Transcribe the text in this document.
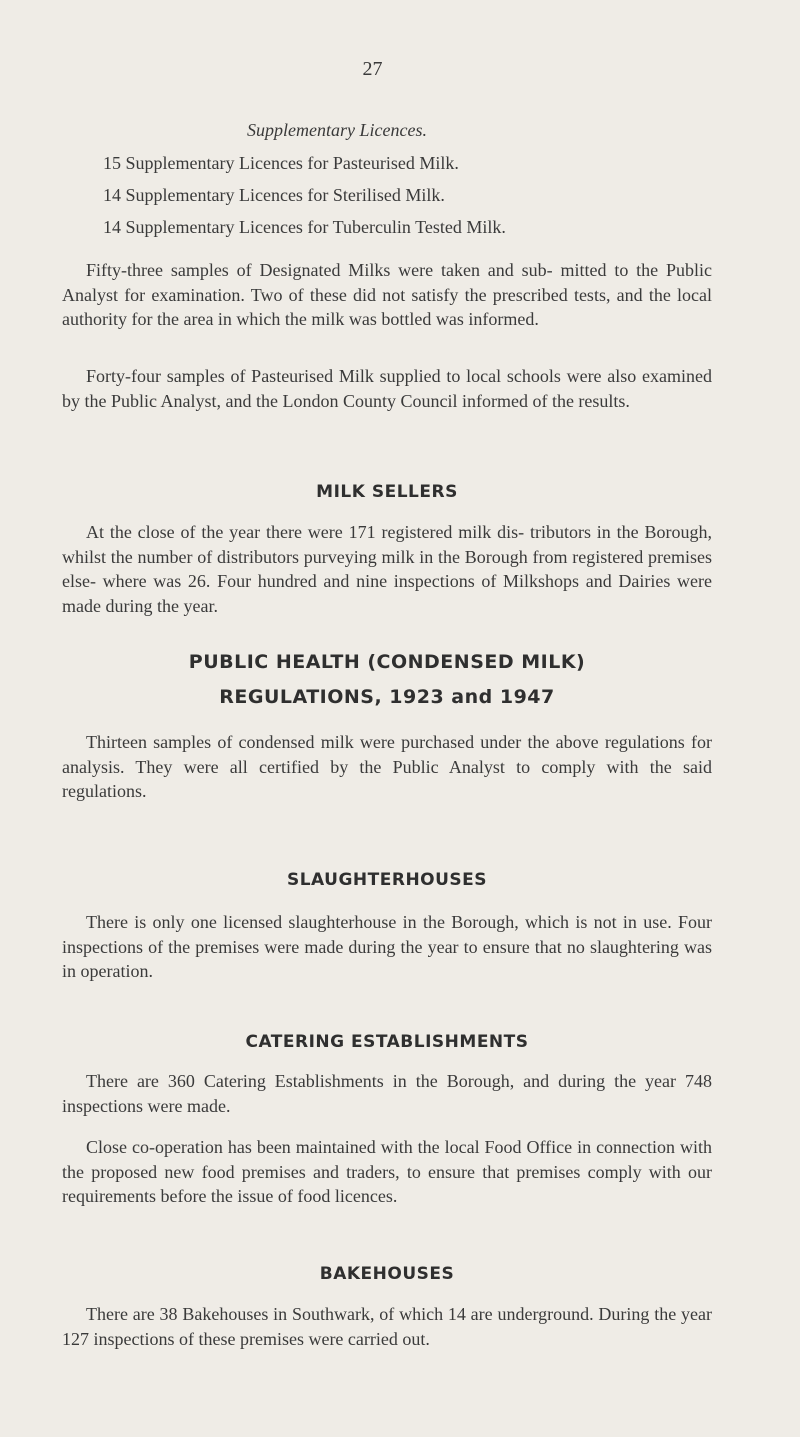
27
Supplementary Licences.
15 Supplementary Licences for Pasteurised Milk.
14 Supplementary Licences for Sterilised Milk.
14 Supplementary Licences for Tuberculin Tested Milk.
Fifty-three samples of Designated Milks were taken and sub- mitted to the Public Analyst for examination. Two of these did not satisfy the prescribed tests, and the local authority for the area in which the milk was bottled was informed.
Forty-four samples of Pasteurised Milk supplied to local schools were also examined by the Public Analyst, and the London County Council informed of the results.
MILK SELLERS
At the close of the year there were 171 registered milk dis- tributors in the Borough, whilst the number of distributors purveying milk in the Borough from registered premises else- where was 26. Four hundred and nine inspections of Milkshops and Dairies were made during the year.
PUBLIC HEALTH (CONDENSED MILK)
REGULATIONS, 1923 and 1947
Thirteen samples of condensed milk were purchased under the above regulations for analysis. They were all certified by the Public Analyst to comply with the said regulations.
SLAUGHTERHOUSES
There is only one licensed slaughterhouse in the Borough, which is not in use. Four inspections of the premises were made during the year to ensure that no slaughtering was in operation.
CATERING ESTABLISHMENTS
There are 360 Catering Establishments in the Borough, and during the year 748 inspections were made.
Close co-operation has been maintained with the local Food Office in connection with the proposed new food premises and traders, to ensure that premises comply with our requirements before the issue of food licences.
BAKEHOUSES
There are 38 Bakehouses in Southwark, of which 14 are underground. During the year 127 inspections of these premises were carried out.
